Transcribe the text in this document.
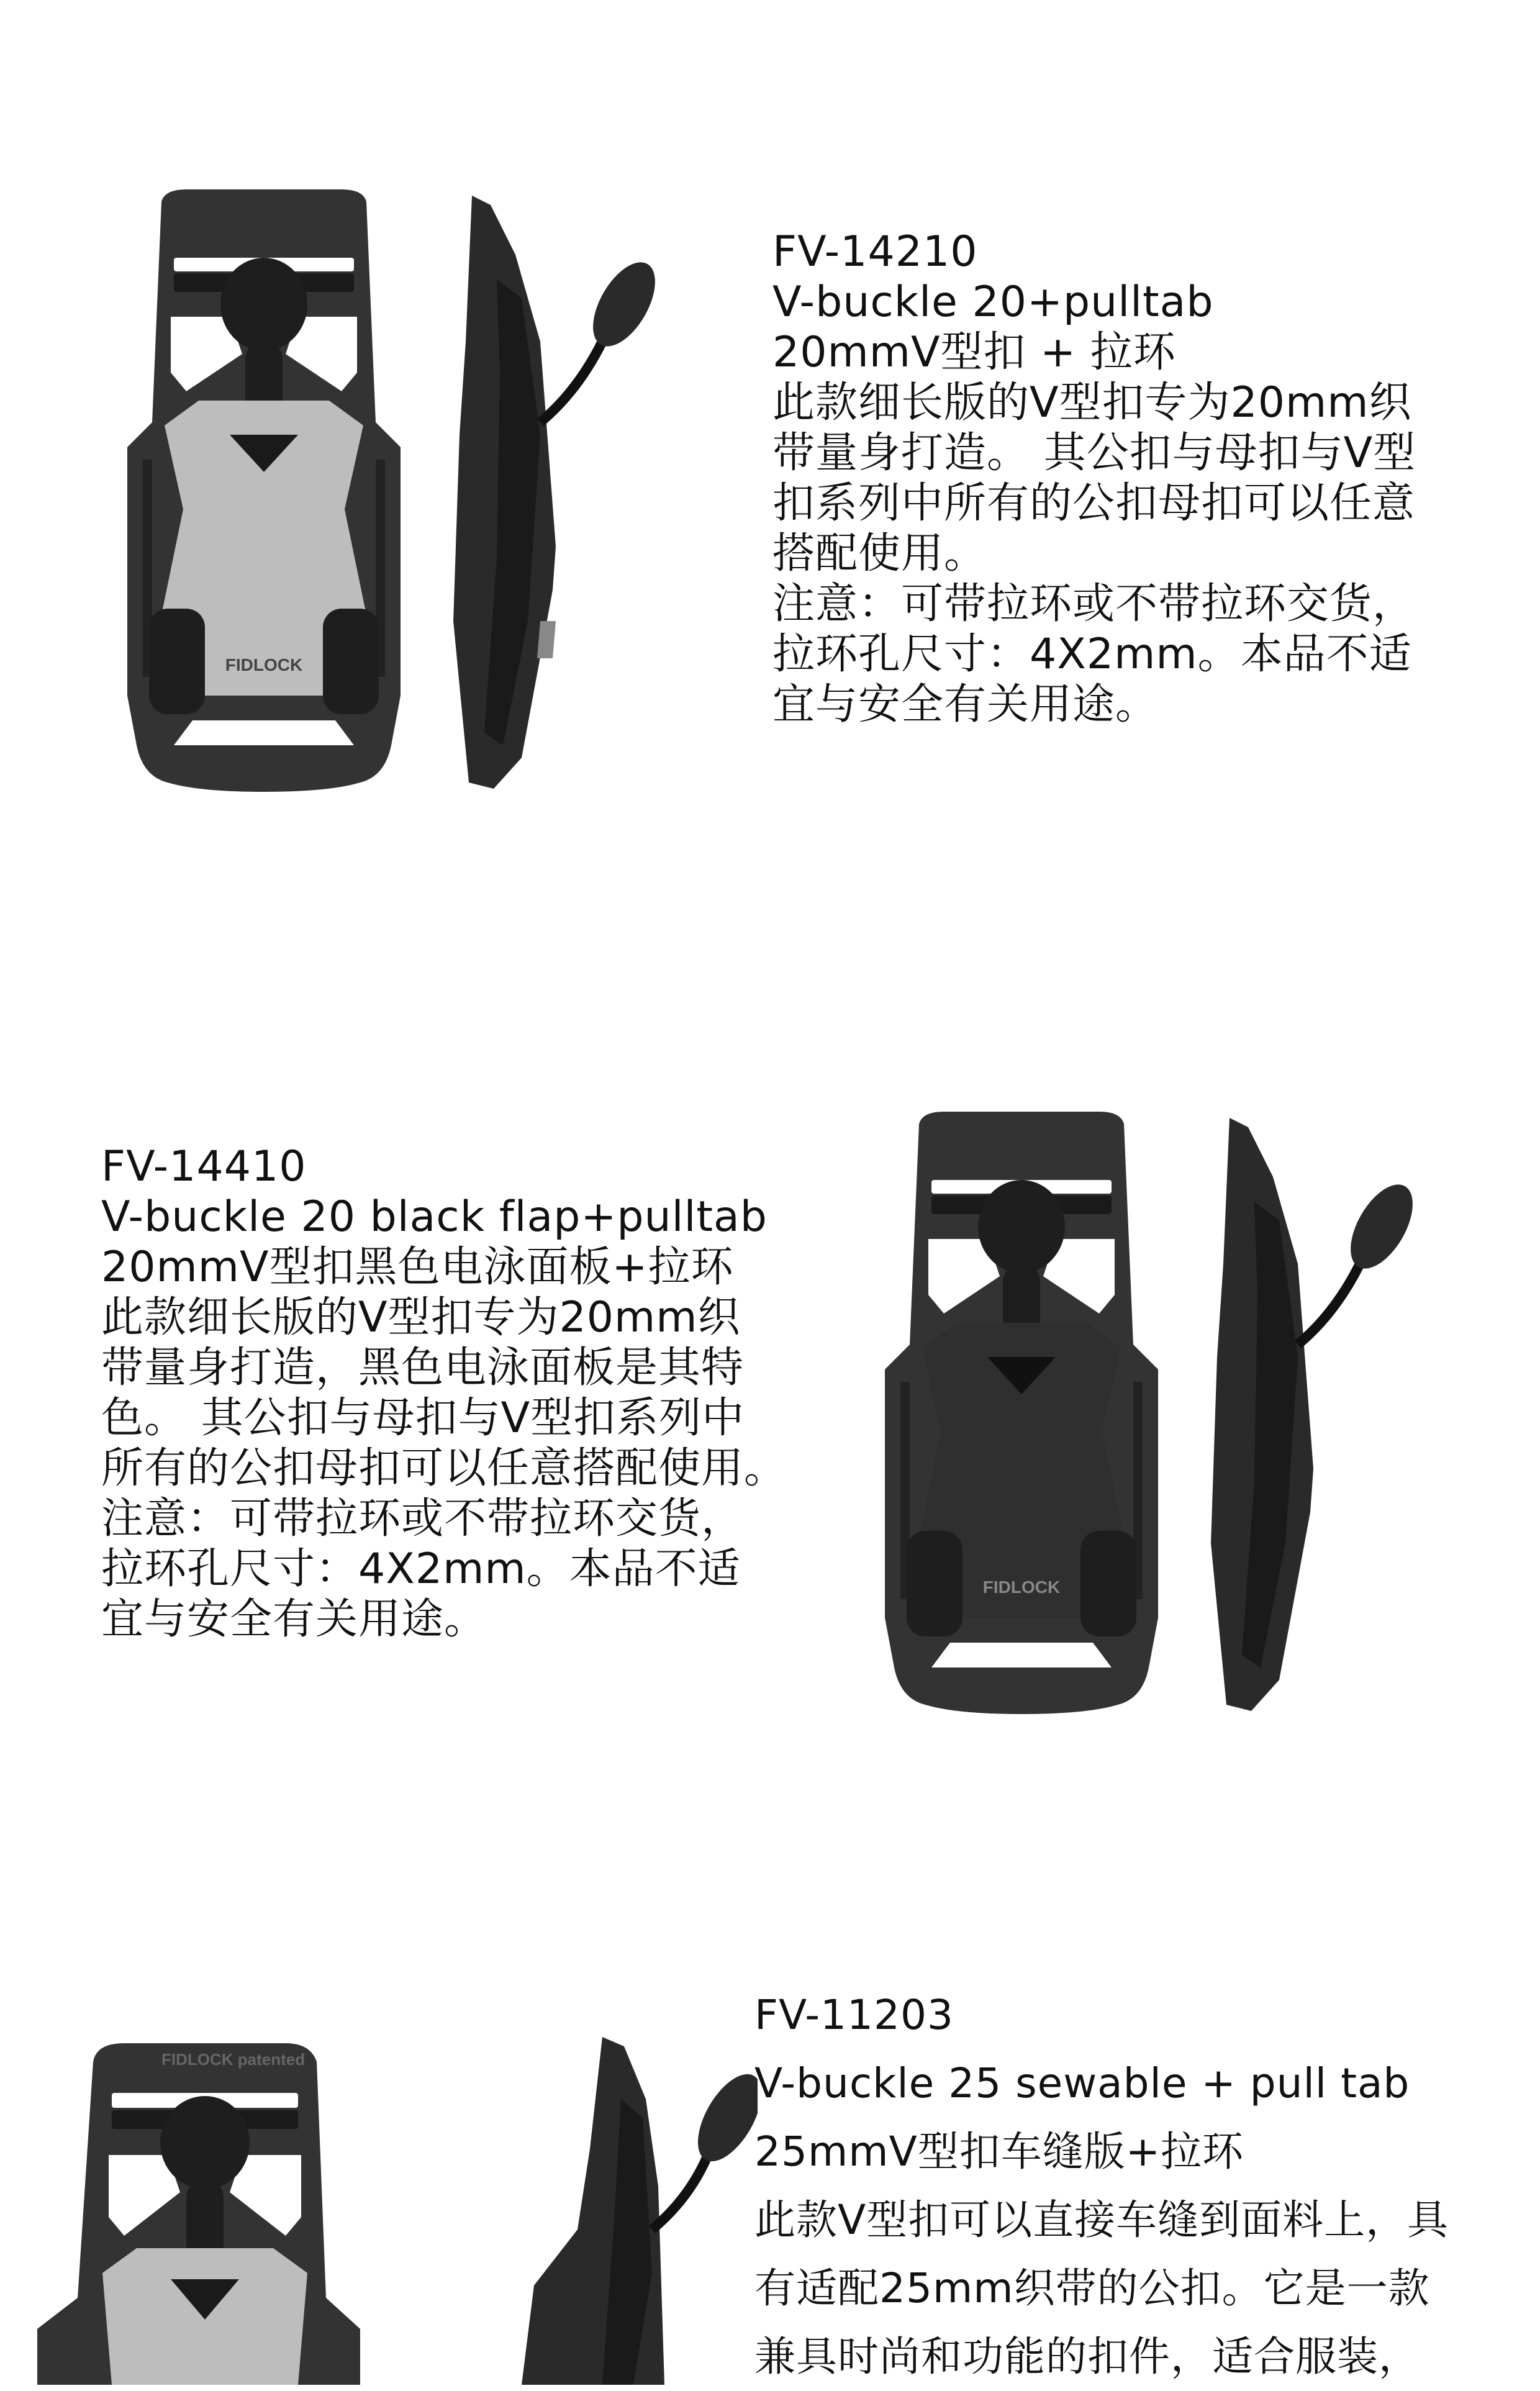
FIDLOCK

FV-14210

V-buckle 20+pulltab

20mmV型扣 + 拉环

此款细长版的V型扣专为20mm织
带量身打造。 其公扣与母扣与V型
扣系列中所有的公扣母扣可以任意
搭配使用。
注意：可带拉环或不带拉环交货，
拉环孔尺寸：4X2mm。本品不适
宜与安全有关用途。

FV-14410

V-buckle 20 black flap+pulltab

20mmV型扣黑色电泳面板+拉环

此款细长版的V型扣专为20mm织
带量身打造，黑色电泳面板是其特
色。 其公扣与母扣与V型扣系列中
所有的公扣母扣可以任意搭配使用。
注意：可带拉环或不带拉环交货，
拉环孔尺寸：4X2mm。本品不适
宜与安全有关用途。

FIDLOCK
FIDLOCK patented

FV-11203

V-buckle 25 sewable + pull tab

25mmV型扣车缝版+拉环

此款V型扣可以直接车缝到面料上，具
有适配25mm织带的公扣。它是一款
兼具时尚和功能的扣件，适合服装，
